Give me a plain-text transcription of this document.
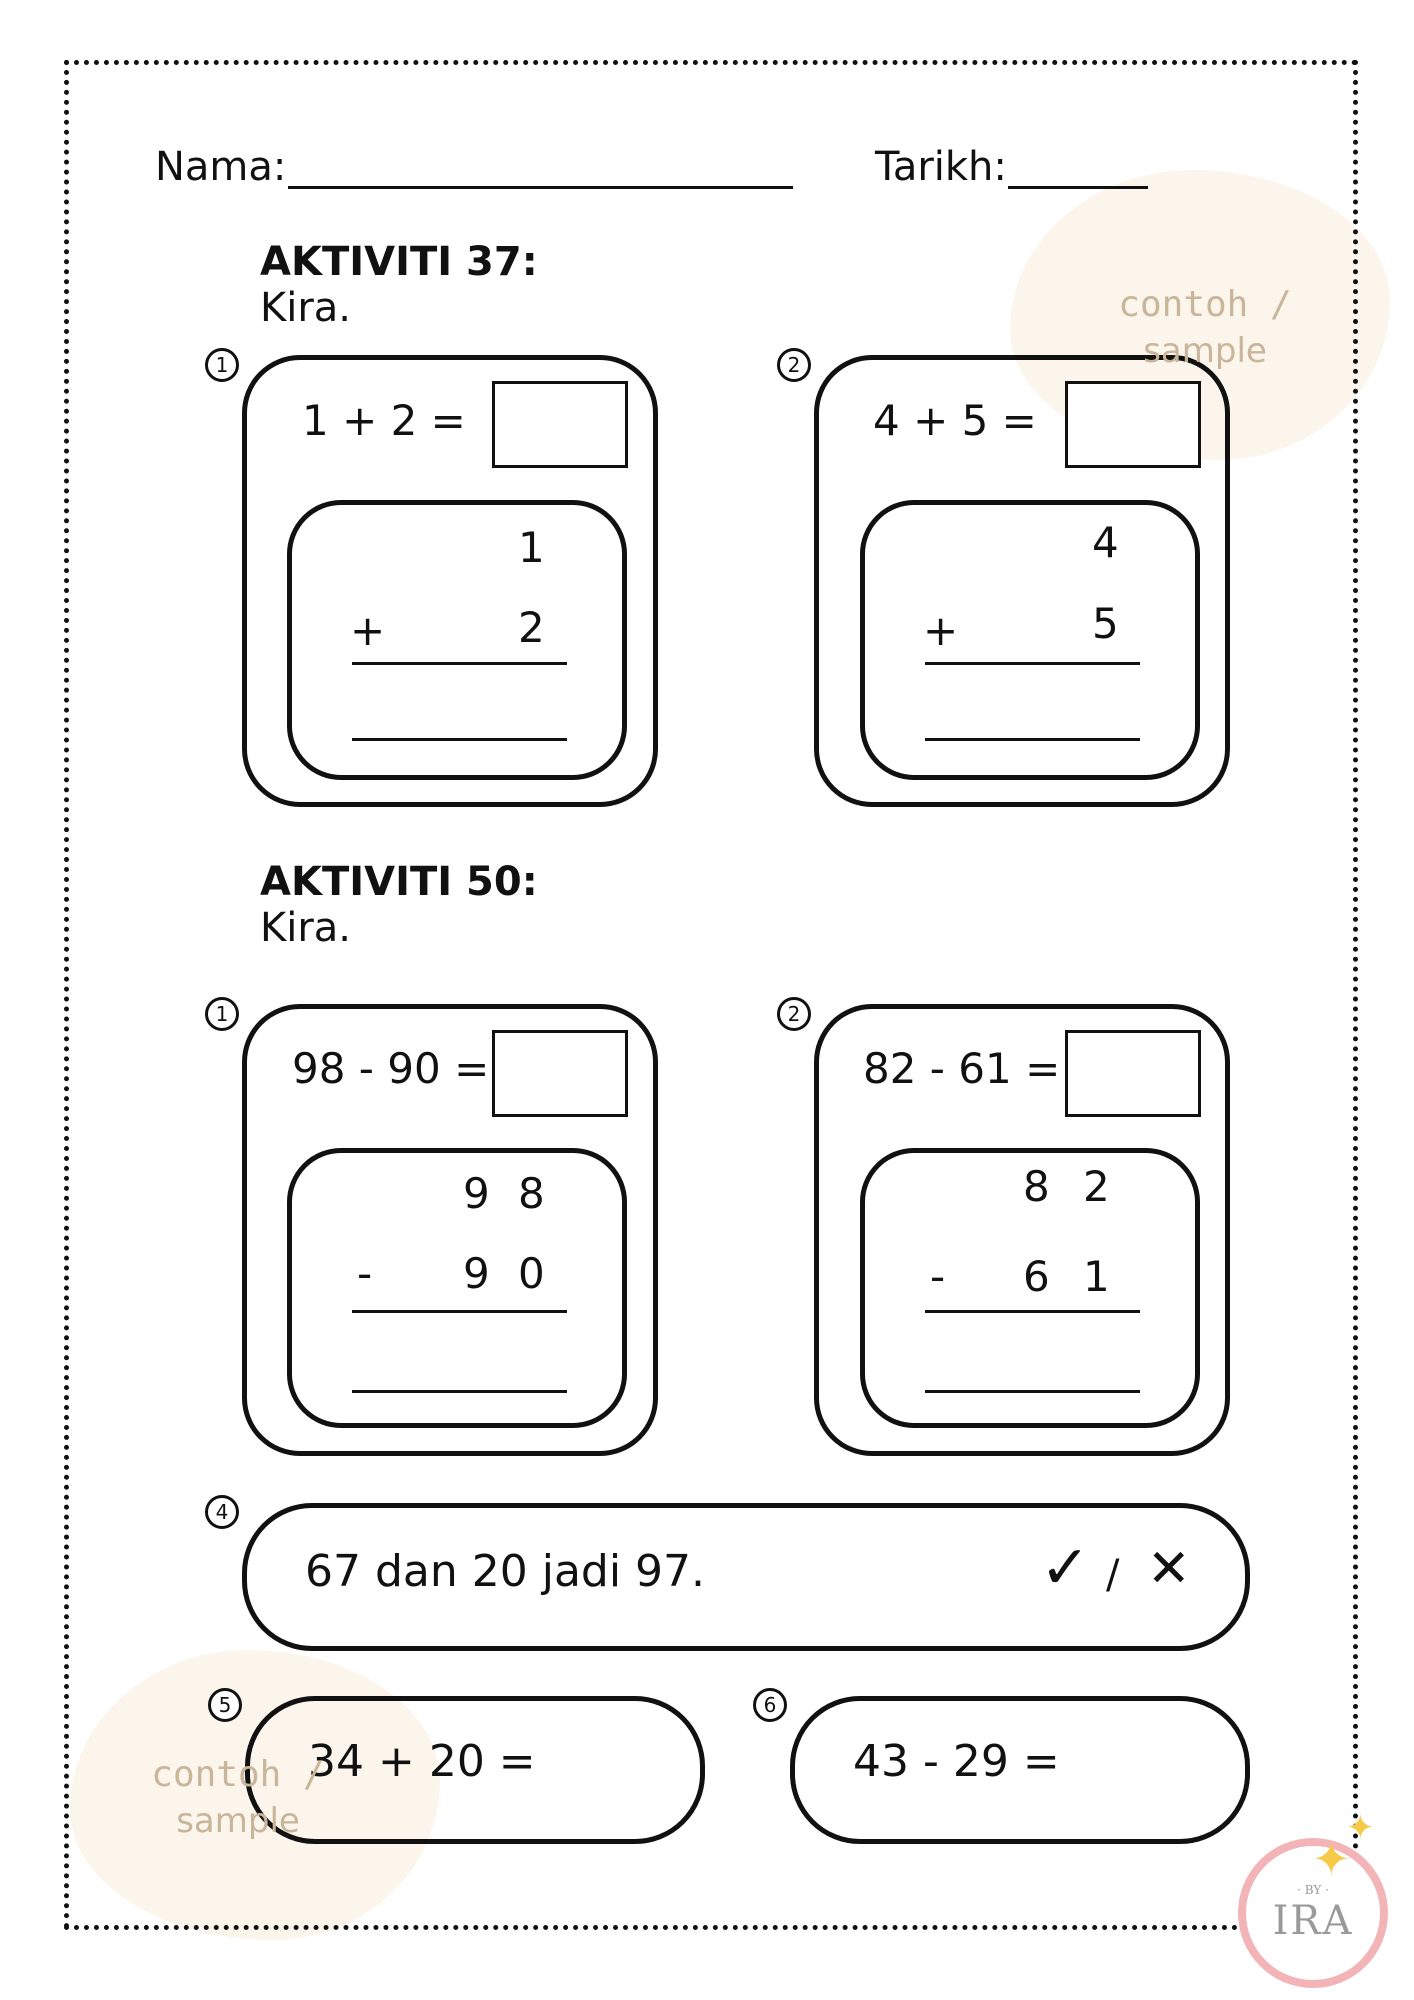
Nama:	Tarikh:
AKTIVITI 37:
Kira.
1
1 + 2 =
1
+	2
2
4 + 5 =
4
+	5
AKTIVITI 50:
Kira.
1
98 - 90 =
9 8
- 9 0
2
82 - 61 =
8 2
- 6 1
4
67 dan 20 jadi 97.	✓ / ✕
5
34 + 20 =
6
43 - 29 =
contoh /
sample
contoh /
sample
· BY ·
IRA
✦
✦
